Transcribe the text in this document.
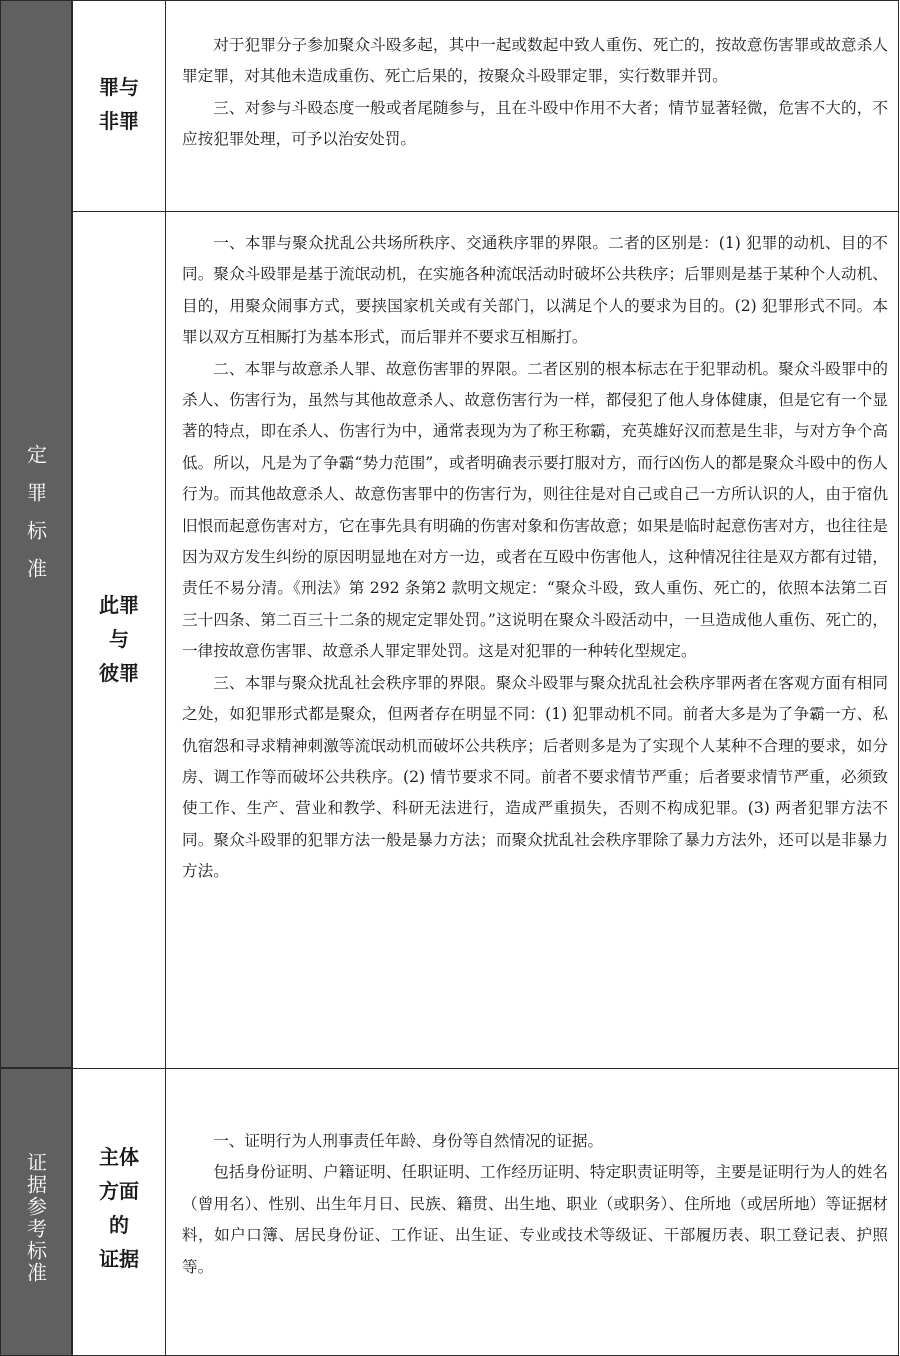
定罪标准
证据参考标准
罪与
非罪

对于犯罪分子参加聚众斗殴多起，其中一起或数起中致人重伤、死亡的，按故意伤害罪或故意杀人罪定罪，对其他未造成重伤、死亡后果的，按聚众斗殴罪定罪，实行数罪并罚。

三、对参与斗殴态度一般或者尾随参与，且在斗殴中作用不大者；情节显著轻微，危害不大的，不应按犯罪处理，可予以治安处罚。

此罪
与
彼罪

一、本罪与聚众扰乱公共场所秩序、交通秩序罪的界限。二者的区别是：(1) 犯罪的动机、目的不同。聚众斗殴罪是基于流氓动机，在实施各种流氓活动时破坏公共秩序；后罪则是基于某种个人动机、目的，用聚众闹事方式，要挟国家机关或有关部门，以满足个人的要求为目的。(2) 犯罪形式不同。本罪以双方互相厮打为基本形式，而后罪并不要求互相厮打。

二、本罪与故意杀人罪、故意伤害罪的界限。二者区别的根本标志在于犯罪动机。聚众斗殴罪中的杀人、伤害行为，虽然与其他故意杀人、故意伤害行为一样，都侵犯了他人身体健康，但是它有一个显著的特点，即在杀人、伤害行为中，通常表现为为了称王称霸，充英雄好汉而惹是生非，与对方争个高低。所以，凡是为了争霸“势力范围”，或者明确表示要打服对方，而行凶伤人的都是聚众斗殴中的伤人行为。而其他故意杀人、故意伤害罪中的伤害行为，则往往是对自己或自己一方所认识的人，由于宿仇旧恨而起意伤害对方，它在事先具有明确的伤害对象和伤害故意；如果是临时起意伤害对方，也往往是因为双方发生纠纷的原因明显地在对方一边，或者在互殴中伤害他人，这种情况往往是双方都有过错，责任不易分清。《刑法》第 292 条第2 款明文规定：“聚众斗殴，致人重伤、死亡的，依照本法第二百三十四条、第二百三十二条的规定定罪处罚。”这说明在聚众斗殴活动中，一旦造成他人重伤、死亡的，一律按故意伤害罪、故意杀人罪定罪处罚。这是对犯罪的一种转化型规定。

三、本罪与聚众扰乱社会秩序罪的界限。聚众斗殴罪与聚众扰乱社会秩序罪两者在客观方面有相同之处，如犯罪形式都是聚众，但两者存在明显不同：(1) 犯罪动机不同。前者大多是为了争霸一方、私仇宿怨和寻求精神刺激等流氓动机而破坏公共秩序；后者则多是为了实现个人某种不合理的要求，如分房、调工作等而破坏公共秩序。(2) 情节要求不同。前者不要求情节严重；后者要求情节严重，必须致使工作、生产、营业和教学、科研无法进行，造成严重损失，否则不构成犯罪。(3) 两者犯罪方法不同。聚众斗殴罪的犯罪方法一般是暴力方法；而聚众扰乱社会秩序罪除了暴力方法外，还可以是非暴力方法。

主体
方面
的
证据

一、证明行为人刑事责任年龄、身份等自然情况的证据。

包括身份证明、户籍证明、任职证明、工作经历证明、特定职责证明等，主要是证明行为人的姓名（曾用名）、性别、出生年月日、民族、籍贯、出生地、职业（或职务）、住所地（或居所地）等证据材料，如户口簿、居民身份证、工作证、出生证、专业或技术等级证、干部履历表、职工登记表、护照等。
